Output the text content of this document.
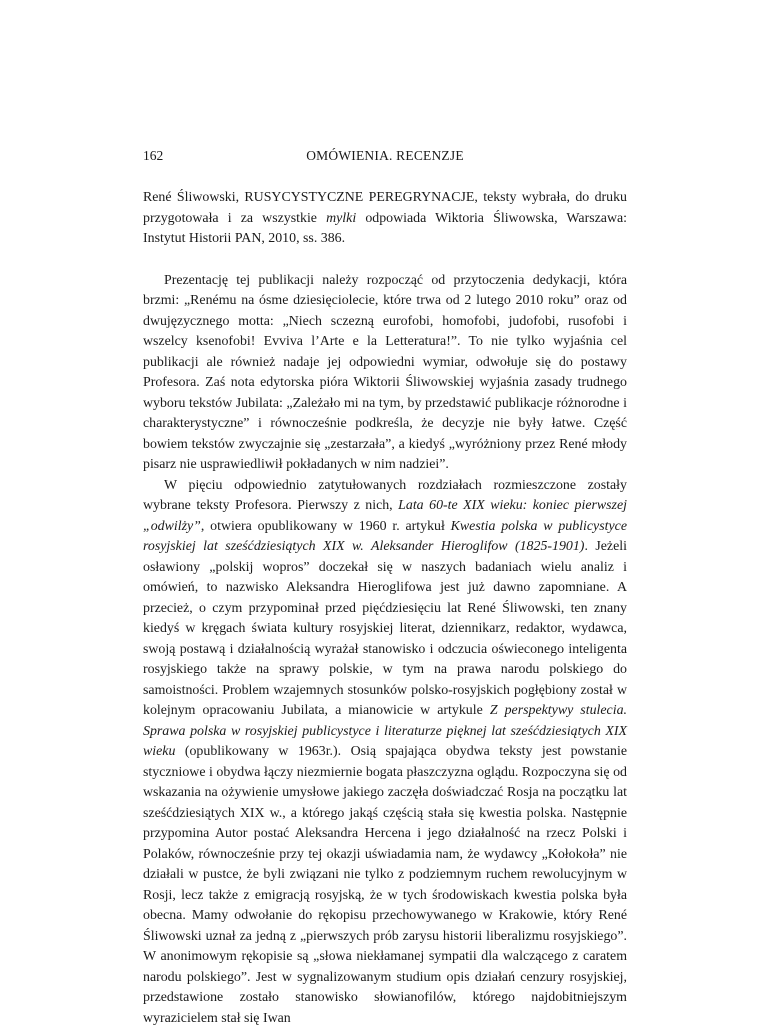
162	OMÓWIENIA. RECENZJE
René Śliwowski, RUSYCYSTYCZNE PEREGRYNACJE, teksty wybrała, do druku przygotowała i za wszystkie mylki odpowiada Wiktoria Śliwowska, Warszawa: Instytut Historii PAN, 2010, ss. 386.

Prezentację tej publikacji należy rozpocząć od przytoczenia dedykacji, która brzmi: „Renému na ósme dziesięciolecie, które trwa od 2 lutego 2010 roku” oraz od dwujęzycznego motta: „Niech sczezną eurofobi, homofobi, judofobi, rusofobi i wszelcy ksenofobi! Evviva l’Arte e la Letteratura!”. To nie tylko wyjaśnia cel publikacji ale również nadaje jej odpowiedni wymiar, odwołuje się do postawy Profesora. Zaś nota edytorska pióra Wiktorii Śliwowskiej wyjaśnia zasady trudnego wyboru tekstów Jubilata: „Zależało mi na tym, by przedstawić publikacje różnorodne i charakterystyczne” i równocześnie podkreśla, że decyzje nie były łatwe. Część bowiem tekstów zwyczajnie się „zestarzała”, a kiedyś „wyróżniony przez René młody pisarz nie usprawiedliwił pokładanych w nim nadziei”.

W pięciu odpowiednio zatytułowanych rozdziałach rozmieszczone zostały wybrane teksty Profesora. Pierwszy z nich, Lata 60-te XIX wieku: koniec pierwszej „odwilży”, otwiera opublikowany w 1960 r. artykuł Kwestia polska w publicystyce rosyjskiej lat sześćdziesiątych XIX w. Aleksander Hieroglifow (1825-1901). Jeżeli osławiony „polskij wopros” doczekał się w naszych badaniach wielu analiz i omówień, to nazwisko Aleksandra Hieroglifowa jest już dawno zapomniane. A przecież, o czym przypominał przed pięćdziesięciu lat René Śliwowski, ten znany kiedyś w kręgach świata kultury rosyjskiej literat, dziennikarz, redaktor, wydawca, swoją postawą i działalnością wyrażał stanowisko i odczucia oświeconego inteligenta rosyjskiego także na sprawy polskie, w tym na prawa narodu polskiego do samoistności. Problem wzajemnych stosunków polsko-rosyjskich pogłębiony został w kolejnym opracowaniu Jubilata, a mianowicie w artykule Z perspektywy stulecia. Sprawa polska w rosyjskiej publicystyce i literaturze pięknej lat sześćdziesiątych XIX wieku (opublikowany w 1963r.). Osią spajająca obydwa teksty jest powstanie styczniowe i obydwa łączy niezmiernie bogata płaszczyzna oglądu. Rozpoczyna się od wskazania na ożywienie umysłowe jakiego zaczęła doświadczać Rosja na początku lat sześćdziesiątych XIX w., a którego jakąś częścią stała się kwestia polska. Następnie przypomina Autor postać Aleksandra Hercena i jego działalność na rzecz Polski i Polaków, równocześnie przy tej okazji uświadamia nam, że wydawcy „Kołokoła” nie działali w pustce, że byli związani nie tylko z podziemnym ruchem rewolucyjnym w Rosji, lecz także z emigracją rosyjską, że w tych środowiskach kwestia polska była obecna. Mamy odwołanie do rękopisu przechowywanego w Krakowie, który René Śliwowski uznał za jedną z „pierwszych prób zarysu historii liberalizmu rosyjskiego”. W anonimowym rękopisie są „słowa niekłamanej sympatii dla walczącego z caratem narodu polskiego”. Jest w sygnalizowanym studium opis działań cenzury rosyjskiej, przedstawione zostało stanowisko słowianofilów, którego najdobitniejszym wyrazicielem stał się Iwan
